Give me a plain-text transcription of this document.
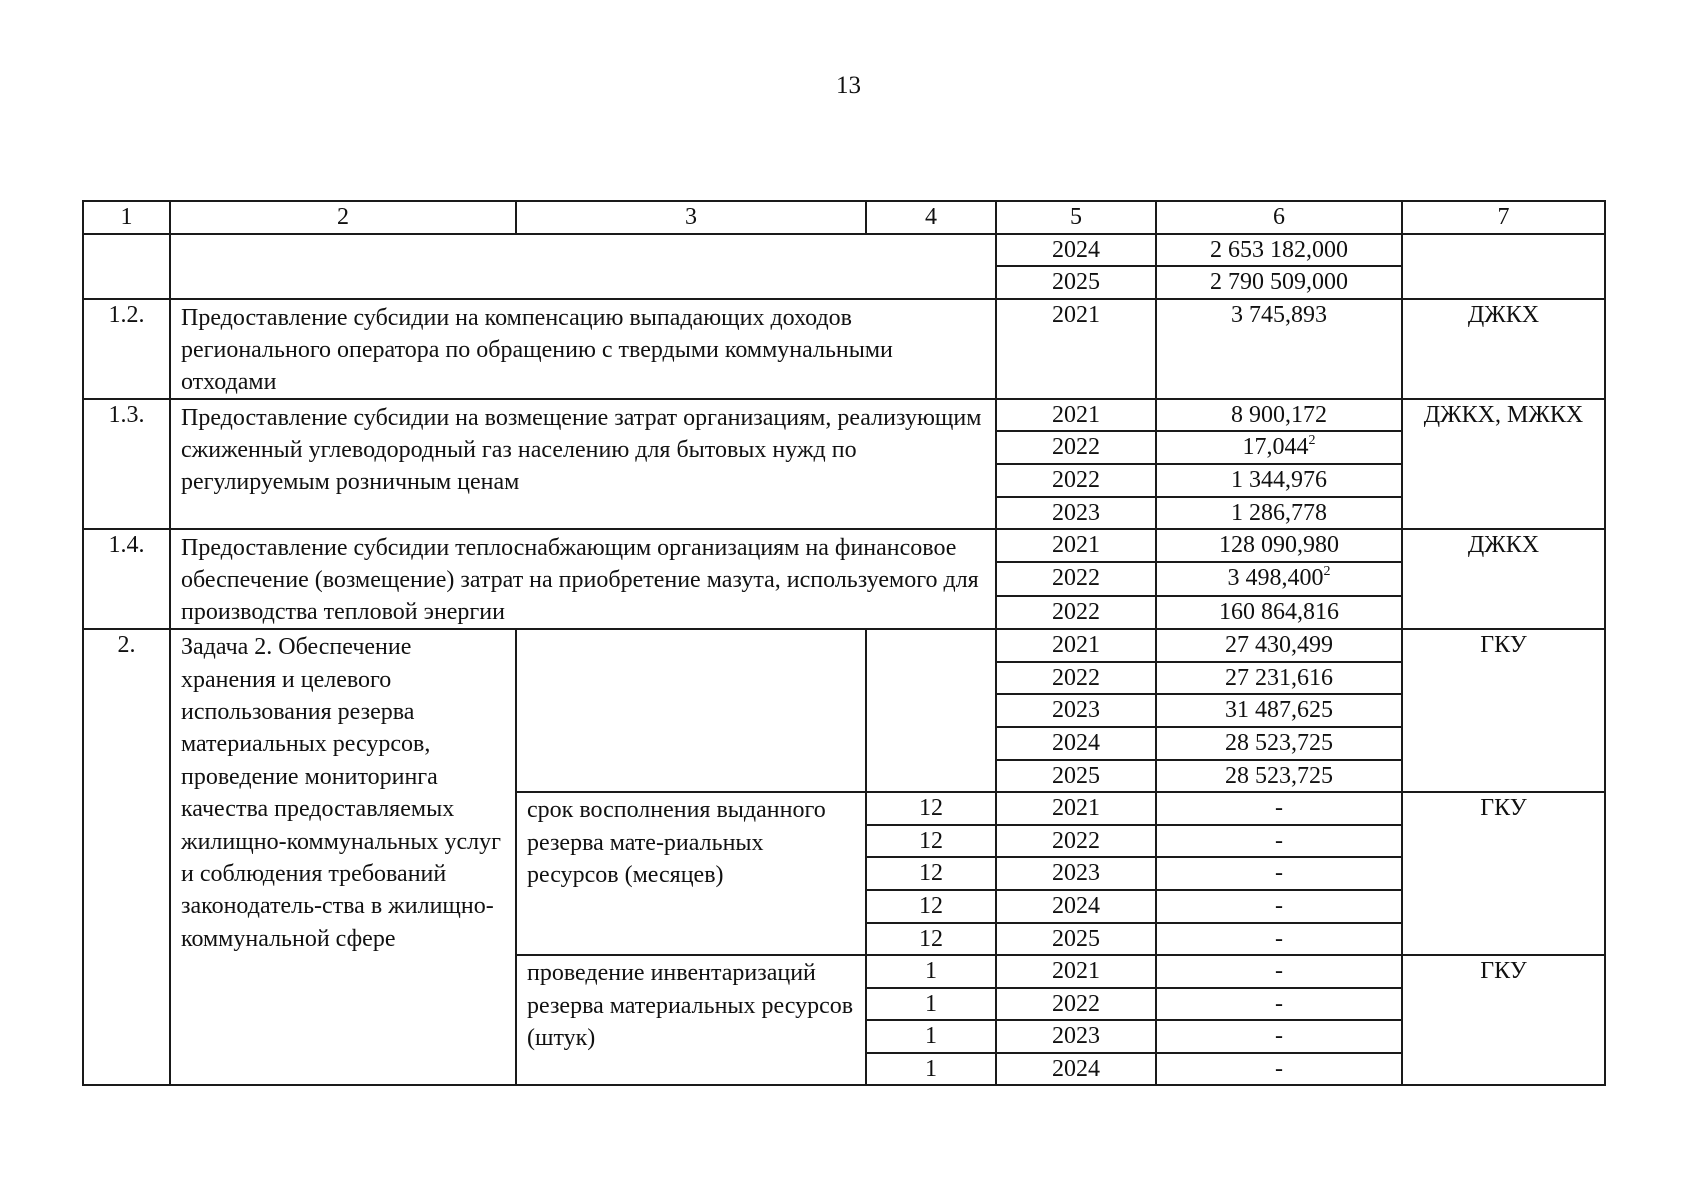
13
1	2	3	4	5	6	7
				2024	2 653 182,000	
				2025	2 790 509,000	
1.2.	Предоставление субсидии на компенсацию выпадающих доходов регионального оператора по обращению с твердыми коммунальными отходами			2021	3 745,893	ДЖКХ
1.3.	Предоставление субсидии на возмещение затрат организациям, реализующим сжиженный углеводородный газ населению для бытовых нужд по регулируемым розничным ценам			2021	8 900,172	ДЖКХ, МЖКХ
				2022	17,044$^2$
				2022	1 344,976	
				2023	1 286,778	
1.4.	Предоставление субсидии теплоснабжающим организациям на финансовое обеспечение (возмещение) затрат на приобретение мазута, используемого для производства тепловой энергии			2021	128 090,980	ДЖКХ
				2022	3 498,400$^2$
				2022	160 864,816	
2.	Задача 2. Обеспечение хранения и целевого использования резерва материальных ресурсов, проведение мониторинга качества предоставляемых жилищно-коммунальных услуг и соблюдения требований законодатель-ства в жилищно-коммунальной сфере			2021	27 430,499	ГКУ
				2022	27 231,616	
				2023	31 487,625	
				2024	28 523,725	
				2025	28 523,725	
		срок восполнения выданного резерва мате-риальных ресурсов (месяцев)	12	2021	-	ГКУ
			12	2022	-	
			12	2023	-	
			12	2024	-	
			12	2025	-	
		проведение инвентаризаций резерва материальных ресурсов (штук)	1	2021	-	ГКУ
			1	2022	-	
			1	2023	-	
			1	2024	-	
